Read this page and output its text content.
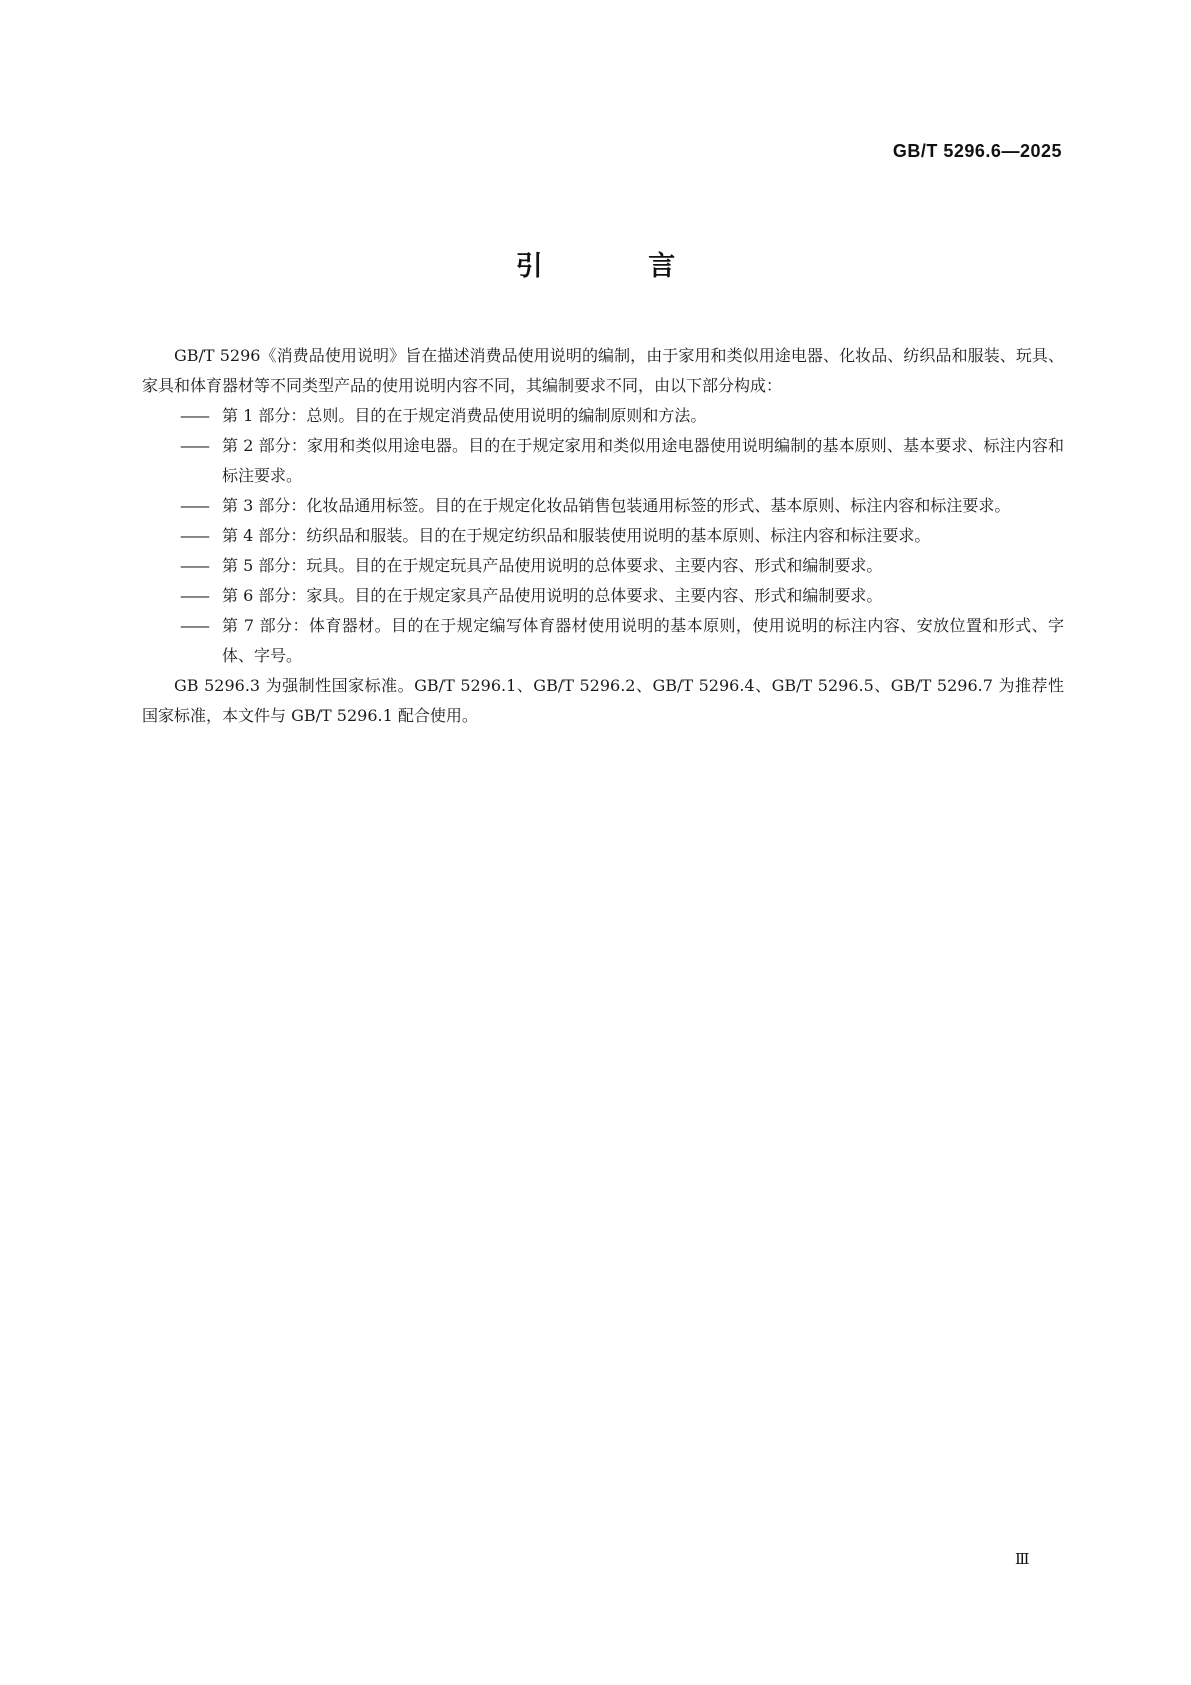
GB/T 5296.6—2025
引 言

GB/T 5296《消费品使用说明》旨在描述消费品使用说明的编制，由于家用和类似用途电器、化妆品、纺织品和服装、玩具、家具和体育器材等不同类型产品的使用说明内容不同，其编制要求不同，由以下部分构成：

—— 第 1 部分：总则。目的在于规定消费品使用说明的编制原则和方法。

—— 第 2 部分：家用和类似用途电器。目的在于规定家用和类似用途电器使用说明编制的基本原则、基本要求、标注内容和标注要求。

—— 第 3 部分：化妆品通用标签。目的在于规定化妆品销售包装通用标签的形式、基本原则、标注内容和标注要求。

—— 第 4 部分：纺织品和服装。目的在于规定纺织品和服装使用说明的基本原则、标注内容和标注要求。

—— 第 5 部分：玩具。目的在于规定玩具产品使用说明的总体要求、主要内容、形式和编制要求。

—— 第 6 部分：家具。目的在于规定家具产品使用说明的总体要求、主要内容、形式和编制要求。

—— 第 7 部分：体育器材。目的在于规定编写体育器材使用说明的基本原则，使用说明的标注内容、安放位置和形式、字体、字号。

GB 5296.3 为强制性国家标准。GB/T 5296.1、GB/T 5296.2、GB/T 5296.4、GB/T 5296.5、GB/T 5296.7 为推荐性国家标准，本文件与 GB/T 5296.1 配合使用。

Ⅲ
